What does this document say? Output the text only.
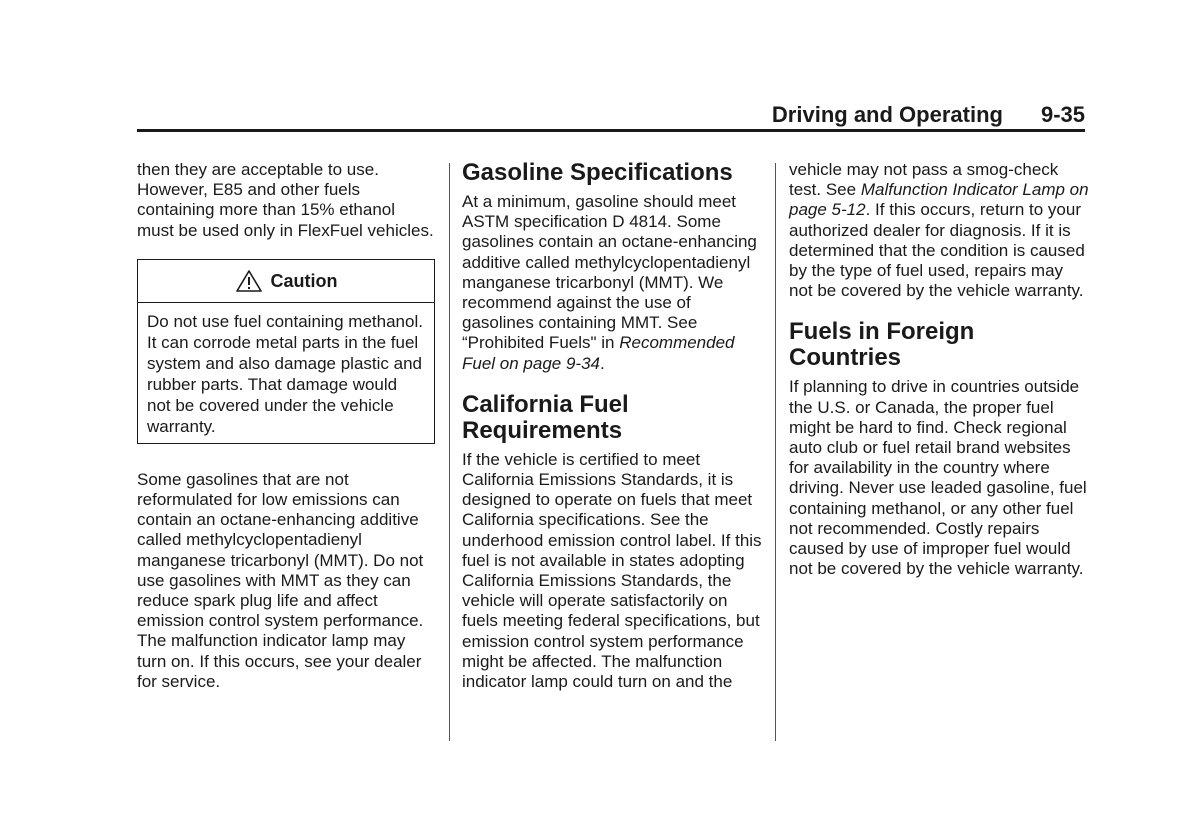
Driving and Operating 9-35

then they are acceptable to use. However, E85 and other fuels containing more than 15% ethanol must be used only in FlexFuel vehicles.

Caution
Do not use fuel containing methanol. It can corrode metal parts in the fuel system and also damage plastic and rubber parts. That damage would not be covered under the vehicle warranty.

Some gasolines that are not reformulated for low emissions can contain an octane-enhancing additive called methylcyclopentadienyl manganese tricarbonyl (MMT). Do not use gasolines with MMT as they can reduce spark plug life and affect emission control system performance. The malfunction indicator lamp may turn on. If this occurs, see your dealer for service.

Gasoline Specifications

At a minimum, gasoline should meet ASTM specification D 4814. Some gasolines contain an octane-enhancing additive called methylcyclopentadienyl manganese tricarbonyl (MMT). We recommend against the use of gasolines containing MMT. See “Prohibited Fuels" in Recommended Fuel on page 9-34.

California Fuel Requirements

If the vehicle is certified to meet California Emissions Standards, it is designed to operate on fuels that meet California specifications. See the underhood emission control label. If this fuel is not available in states adopting California Emissions Standards, the vehicle will operate satisfactorily on fuels meeting federal specifications, but emission control system performance might be affected. The malfunction indicator lamp could turn on and the

vehicle may not pass a smog-check test. See Malfunction Indicator Lamp on page 5-12. If this occurs, return to your authorized dealer for diagnosis. If it is determined that the condition is caused by the type of fuel used, repairs may not be covered by the vehicle warranty.

Fuels in Foreign Countries

If planning to drive in countries outside the U.S. or Canada, the proper fuel might be hard to find. Check regional auto club or fuel retail brand websites for availability in the country where driving. Never use leaded gasoline, fuel containing methanol, or any other fuel not recommended. Costly repairs caused by use of improper fuel would not be covered by the vehicle warranty.
